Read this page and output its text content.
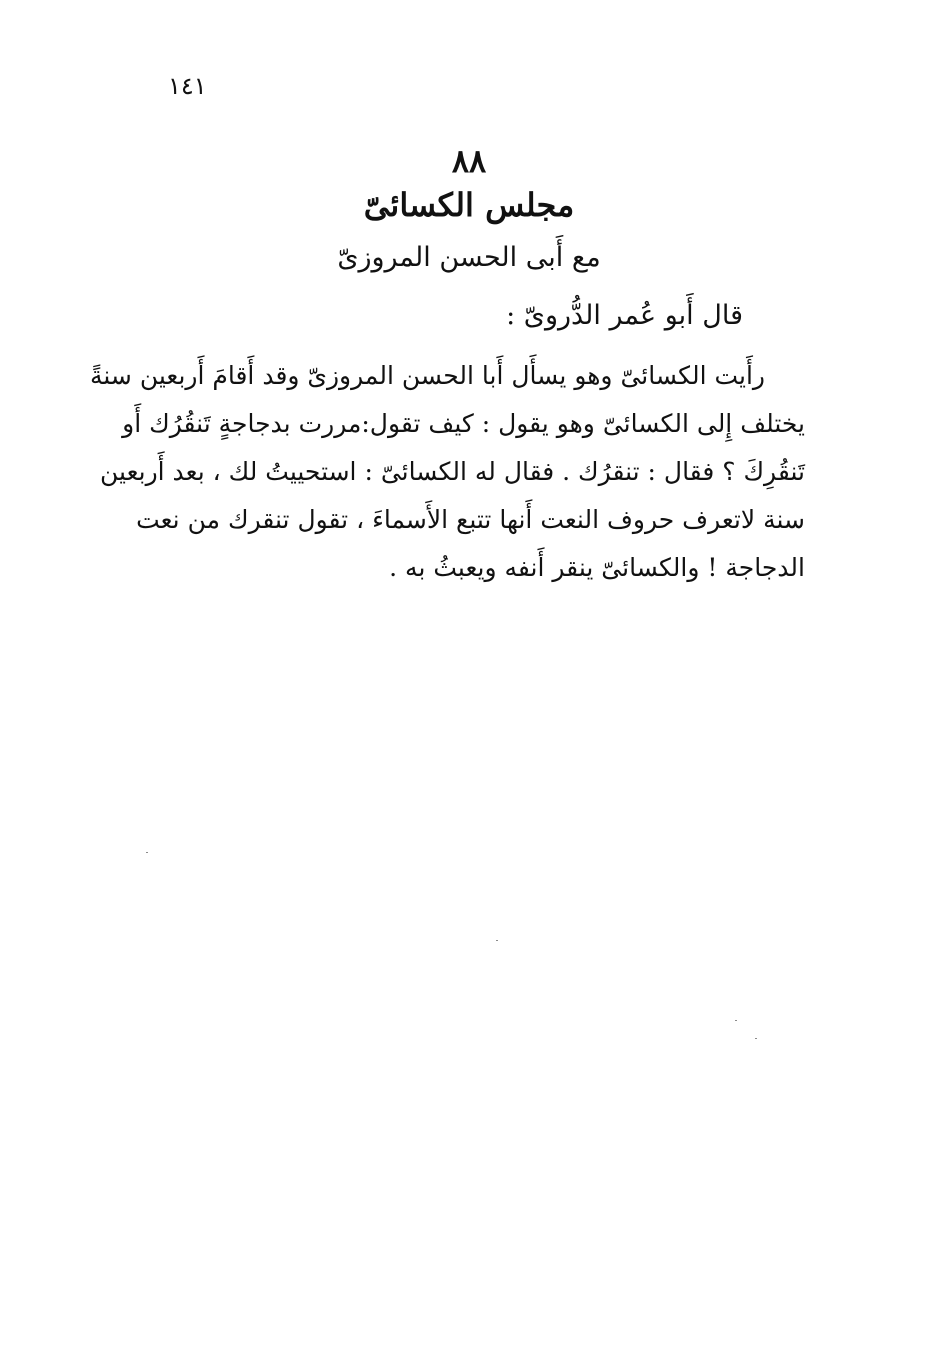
١٤١
٨٨
مجلس الكسائىّ
مع أَبى الحسن المروزىّ
قال أَبو عُمر الدُّروىّ :
رأَيت الكسائىّ وهو يسأَل أَبا الحسن المروزىّ وقد أَقامَ أَربعين سنةً
يختلف إِلى الكسائىّ وهو يقول : كيف تقول:مررت بدجاجةٍ تَنقُرُك أَو
تَنقُرِكَ ؟ فقال : تنقرُك . فقال له الكسائىّ : استحييتُ لك ، بعد أَربعين
سنة لاتعرف حروف النعت أَنها تتبع الأَسماءَ ، تقول تنقرك من نعت
الدجاجة ! والكسائىّ ينقر أَنفه ويعبثُ به .
